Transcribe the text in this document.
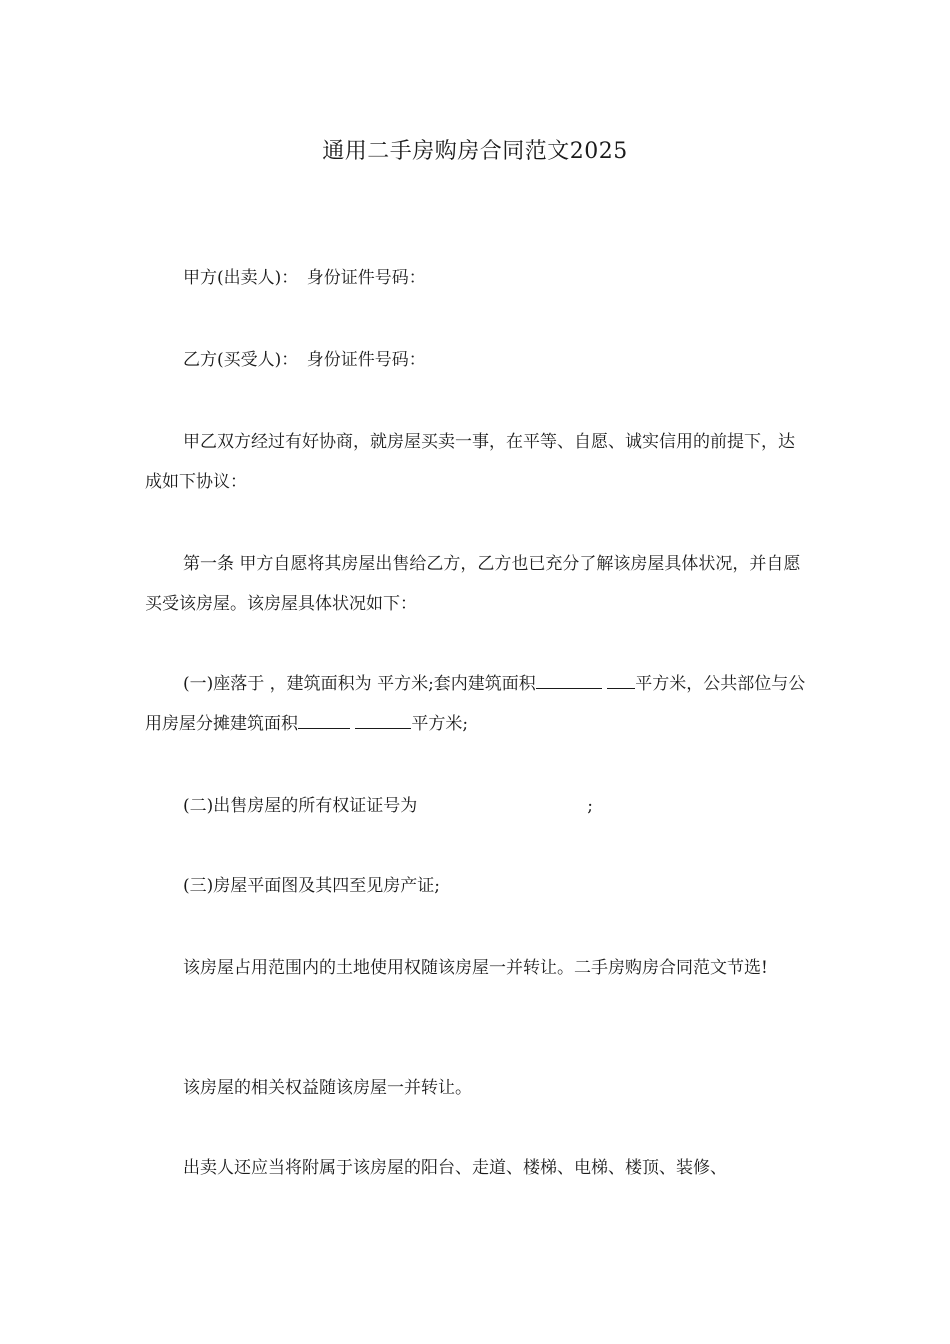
通用二手房购房合同范文2025

甲方(出卖人)：　身份证件号码：

乙方(买受人)：　身份证件号码：

甲乙双方经过有好协商，就房屋买卖一事，在平等、自愿、诚实信用的前提下，达成如下协议：

第一条 甲方自愿将其房屋出售给乙方，乙方也已充分了解该房屋具体状况，并自愿买受该房屋。该房屋具体状况如下：

(一)座落于 ，建筑面积为 平方米;套内建筑面积	平方米，公共部位与公用房屋分摊建筑面积	平方米;

(二)出售房屋的所有权证证号为	;

(三)房屋平面图及其四至见房产证;

该房屋占用范围内的土地使用权随该房屋一并转让。二手房购房合同范文节选!

该房屋的相关权益随该房屋一并转让。

出卖人还应当将附属于该房屋的阳台、走道、楼梯、电梯、楼顶、装修、
